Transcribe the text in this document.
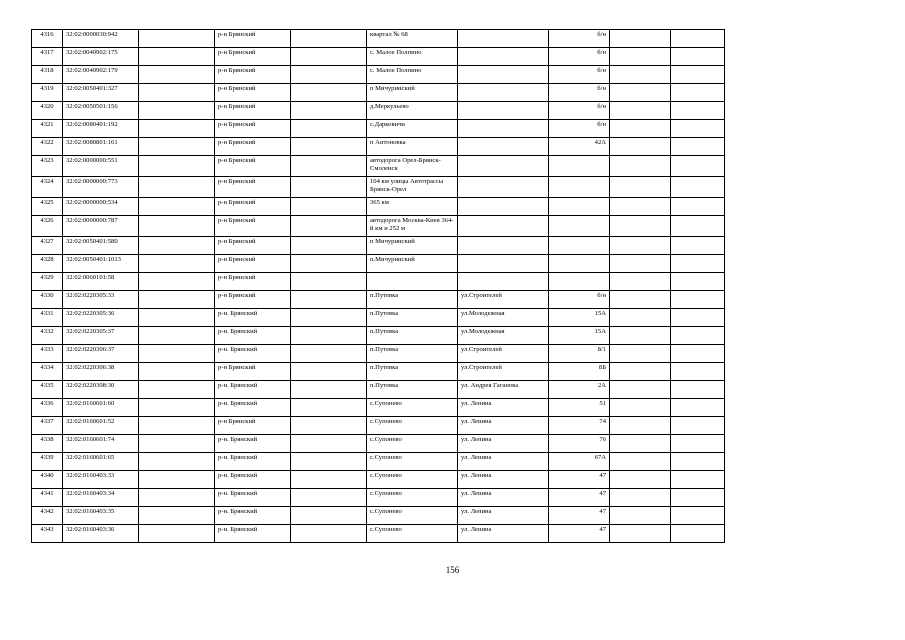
4316	32:02:0000030:942		р-н Брянский		квартал № 68		б/н		
4317	32:02:0040902:175		р-н Брянский		с. Малое Полпино		б/н		
4318	32:02:0040902:179		р-н Брянский		с. Малое Полпино		б/н		
4319	32:02:0050401:327		р-н Брянский		п Мичуринский		б/н		
4320	32:02:0050501:156		р-н Брянский		д.Меркульево		б/н		
4321	32:02:0080401:192		р-н Брянский		с.Дарковичи		б/н		
4322	32:02:0080801:161		р-н Брянский		п Антоновка		42А		
4323	32:02:0000000:551		р-н Брянский		автодорога Орел-Брянск-Смоленск				
4324	32:02:0000000:773		р-н Брянский		104 км улицы Автотрассы Брянск-Орел				
4325	32:02:0000000:534		р-н Брянский		365 км				
4326	32:02:0000000:787		р-н Брянский		автодорога Москва-Киев 364-й км и 252 м				
4327	32:02:0050401:580		р-н Брянский		п Мичуринский				
4328	32:02:0050401:1013		р-н Брянский		п.Мичуринский				
4329	32:02:0060101:58		р-н Брянский						
4330	32:02:0220305:33		р-н Брянский		п.Путевка	ул.Строителей	б/н		
4331	32:02:0220305:36		р-н. Брянский		п.Путевка	ул.Молодежная	15А		
4332	32:02:0220305:37		р-н. Брянский		п.Путевка	ул.Молодежная	15А		
4333	32:02:0220306:37		р-н. Брянский		п.Путевка	ул.Строителей	8/1		
4334	32:02:0220306:38		р-н Брянский		п.Путевка	ул.Строителей	8Б		
4335	32:02:0220308:30		р-н. Брянский		п.Путевка	ул. Андрея Гаганова	2А		
4336	32:02:0160601:60		р-н. Брянский		с.Супонево	ул. Ленина	51		
4337	32:02:0160601:52		р-н Брянский		с.Супонево	ул. Ленина	74		
4338	32:02:0160601:74		р-н. Брянский		с.Супонево	ул. Ленина	76		
4339	32:02:0160601:65		р-н. Брянский		с.Супонево	ул. Ленина	67А		
4340	32:02:0160403:33		р-н. Брянский		с.Супонево	ул. Ленина	47		
4341	32:02:0160403:34		р-н. Брянский		с.Супонево	ул. Ленина	47		
4342	32:02:0160403:35		р-н. Брянский		с.Супонево	ул. Ленина	47		
4343	32:02:0160403:36		р-н. Брянский		с.Супонево	ул. Ленина	47		
156
